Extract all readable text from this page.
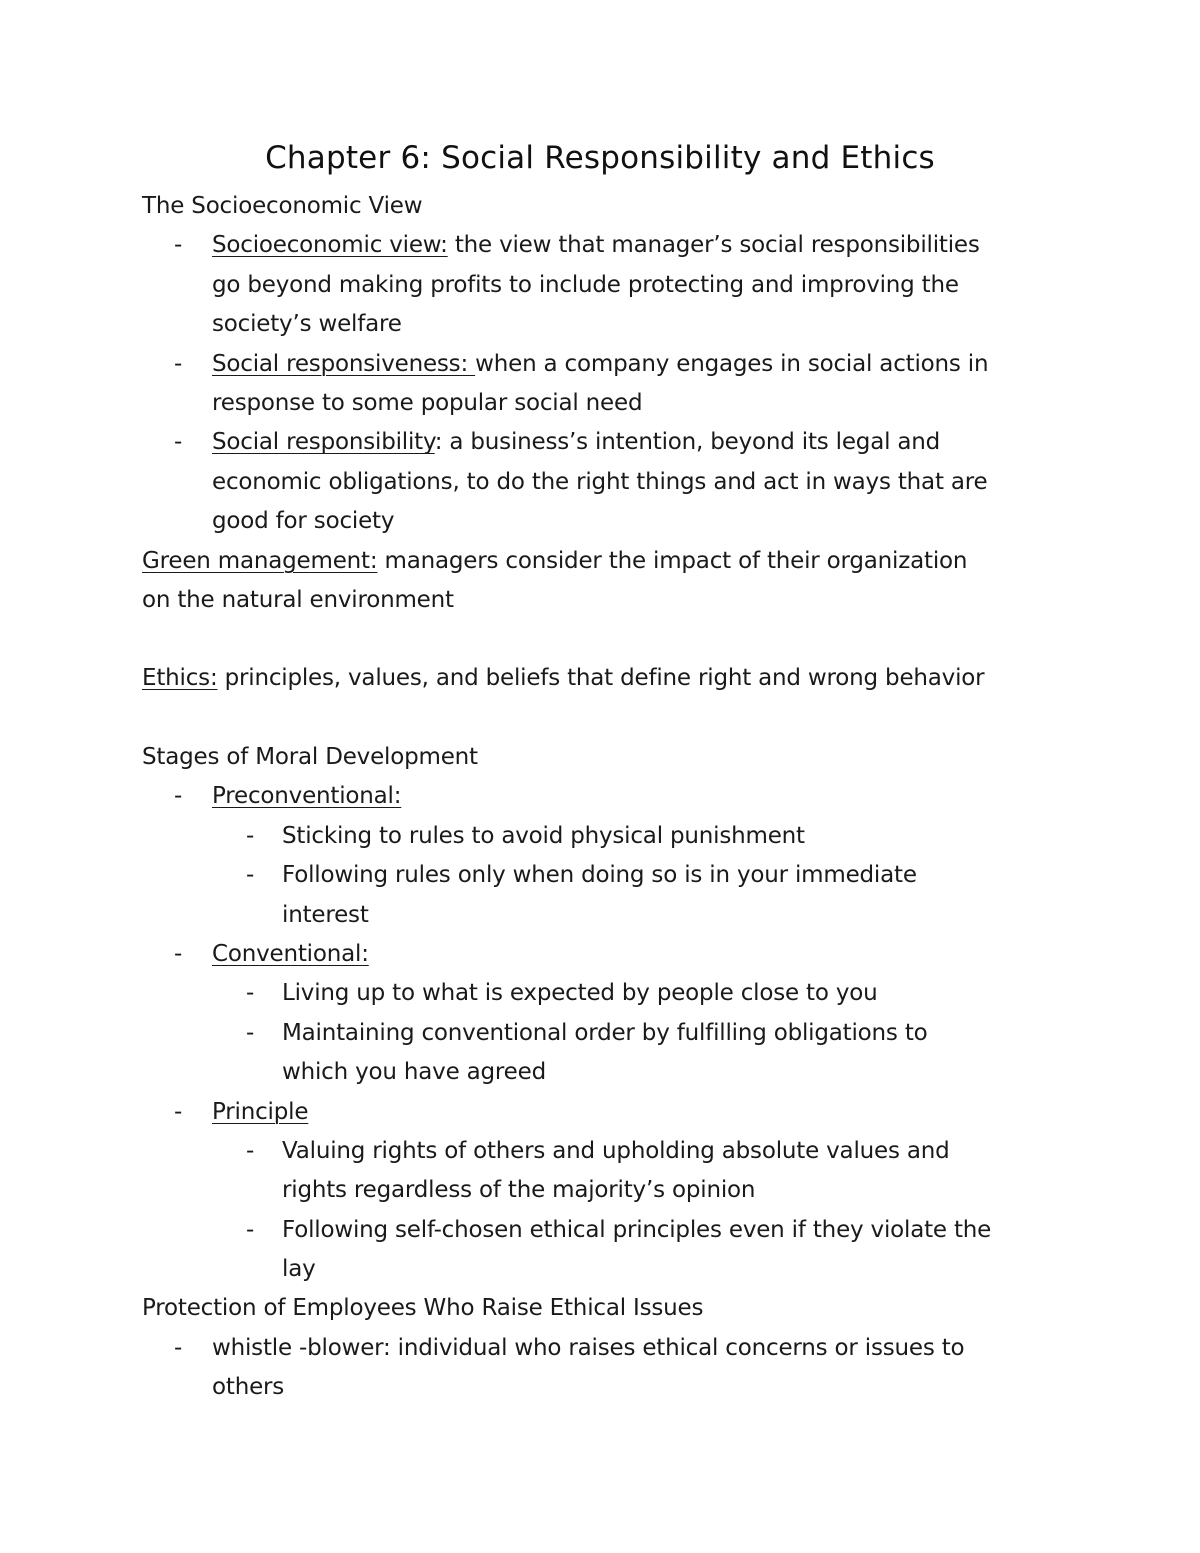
Chapter 6: Social Responsibility and Ethics
The Socioeconomic View
- Socioeconomic view: the view that manager’s social responsibilities
go beyond making profits to include protecting and improving the
society’s welfare
- Social responsiveness: when a company engages in social actions in
response to some popular social need
- Social responsibility: a business’s intention, beyond its legal and
economic obligations, to do the right things and act in ways that are
good for society
Green management: managers consider the impact of their organization
on the natural environment
Ethics: principles, values, and beliefs that define right and wrong behavior
Stages of Moral Development
- Preconventional:
- Sticking to rules to avoid physical punishment
- Following rules only when doing so is in your immediate
interest
- Conventional:
- Living up to what is expected by people close to you
- Maintaining conventional order by fulfilling obligations to
which you have agreed
- Principle
- Valuing rights of others and upholding absolute values and
rights regardless of the majority’s opinion
- Following self-chosen ethical principles even if they violate the
lay
Protection of Employees Who Raise Ethical Issues
- whistle -blower: individual who raises ethical concerns or issues to
others
